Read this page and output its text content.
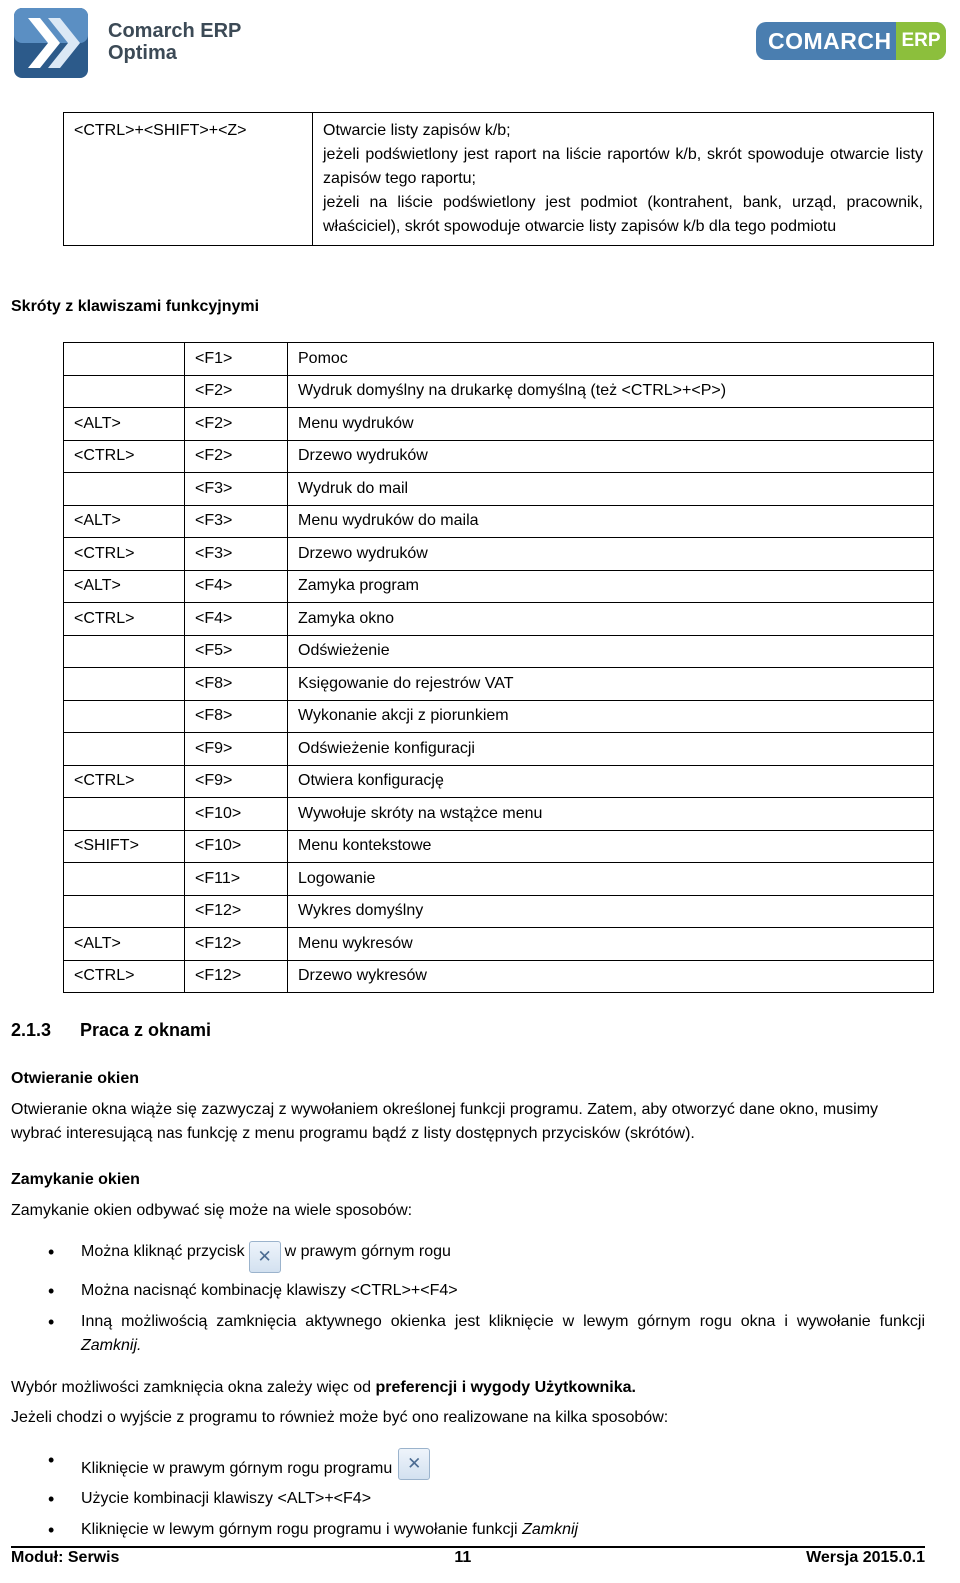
Comarch ERP
Optima	COMARCH ERP
<CTRL>+<SHIFT>+<Z>	Otwarcie listy zapisów k/b;

jeżeli podświetlony jest raport na liście raportów k/b, skrót spowoduje otwarcie listy zapisów tego raportu;

jeżeli na liście podświetlony jest podmiot (kontrahent, bank, urząd, pracownik, właściciel), skrót spowoduje otwarcie listy zapisów k/b dla tego podmiotu

Skróty z klawiszami funkcyjnymi
	<F1>	Pomoc
	<F2>	Wydruk domyślny na drukarkę domyślną (też <CTRL>+<P>)
<ALT>	<F2>	Menu wydruków
<CTRL>	<F2>	Drzewo wydruków
	<F3>	Wydruk do mail
<ALT>	<F3>	Menu wydruków do maila
<CTRL>	<F3>	Drzewo wydruków
<ALT>	<F4>	Zamyka program
<CTRL>	<F4>	Zamyka okno
	<F5>	Odświeżenie
	<F8>	Księgowanie do rejestrów VAT
	<F8>	Wykonanie akcji z piorunkiem
	<F9>	Odświeżenie konfiguracji
<CTRL>	<F9>	Otwiera konfigurację
	<F10>	Wywołuje skróty na wstążce menu
<SHIFT>	<F10>	Menu kontekstowe
	<F11>	Logowanie
	<F12>	Wykres domyślny
<ALT>	<F12>	Menu wykresów
<CTRL>	<F12>	Drzewo wykresów
2.1.3 Praca z oknami
Otwieranie okien
Otwieranie okna wiąże się zazwyczaj z wywołaniem określonej funkcji programu. Zatem, aby otworzyć dane okno, musimy wybrać interesującą nas funkcję z menu programu bądź z listy dostępnych przycisków (skrótów).
Zamykanie okien
Zamykanie okien odbywać się może na wiele sposobów:
• Można kliknąć przycisk ✕ w prawym górnym rogu
• Można nacisnąć kombinację klawiszy <CTRL>+<F4>
• Inną możliwością zamknięcia aktywnego okienka jest kliknięcie w lewym górnym rogu okna i wywołanie funkcji Zamknij.
Wybór możliwości zamknięcia okna zależy więc od preferencji i wygody Użytkownika.
Jeżeli chodzi o wyjście z programu to również może być ono realizowane na kilka sposobów:
• Kliknięcie w prawym górnym rogu programu ✕
• Użycie kombinacji klawiszy <ALT>+<F4>
• Kliknięcie w lewym górnym rogu programu i wywołanie funkcji Zamknij
Moduł: Serwis	11	Wersja 2015.0.1
